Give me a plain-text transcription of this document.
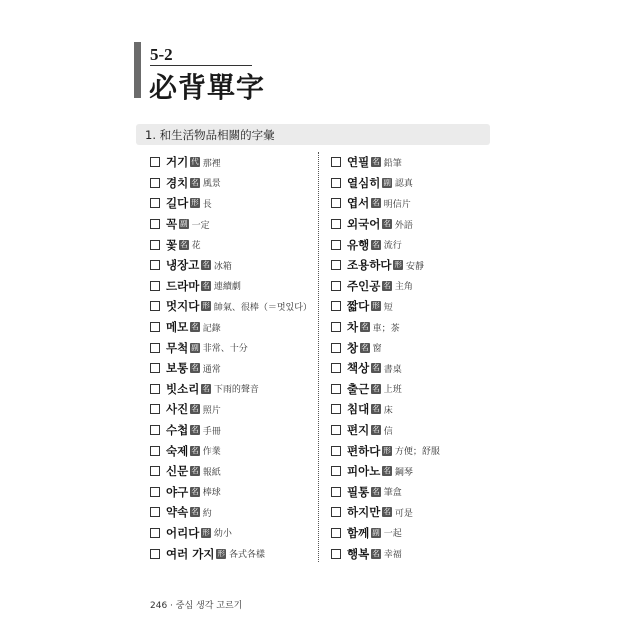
5-2
必背單字
1. 和生活物品相關的字彙
거기 代 那裡
경치 名 風景
길다 形 長
꼭 副 一定
꽃 名 花
냉장고 名 冰箱
드라마 名 連續劇
멋지다 形 帥氣、很棒（＝멋있다）
메모 名 記錄
무척 副 非常、十分
보통 名 通常
빗소리 名 下雨的聲音
사진 名 照片
수첩 名 手冊
숙제 名 作業
신문 名 報紙
야구 名 棒球
약속 名 約
어리다 形 幼小
여러 가지 形 各式各樣
연필 名 鉛筆
열심히 副 認真
엽서 名 明信片
외국어 名 外語
유행 名 流行
조용하다 形 安靜
주인공 名 主角
짧다 形 短
차 名 車；茶
창 名 窗
책상 名 書桌
출근 名 上班
침대 名 床
편지 名 信
편하다 形 方便；舒服
피아노 名 鋼琴
필통 名 筆盒
하지만 名 可是
함께 副 一起
행복 名 幸福
246 · 중심 생각 고르기
